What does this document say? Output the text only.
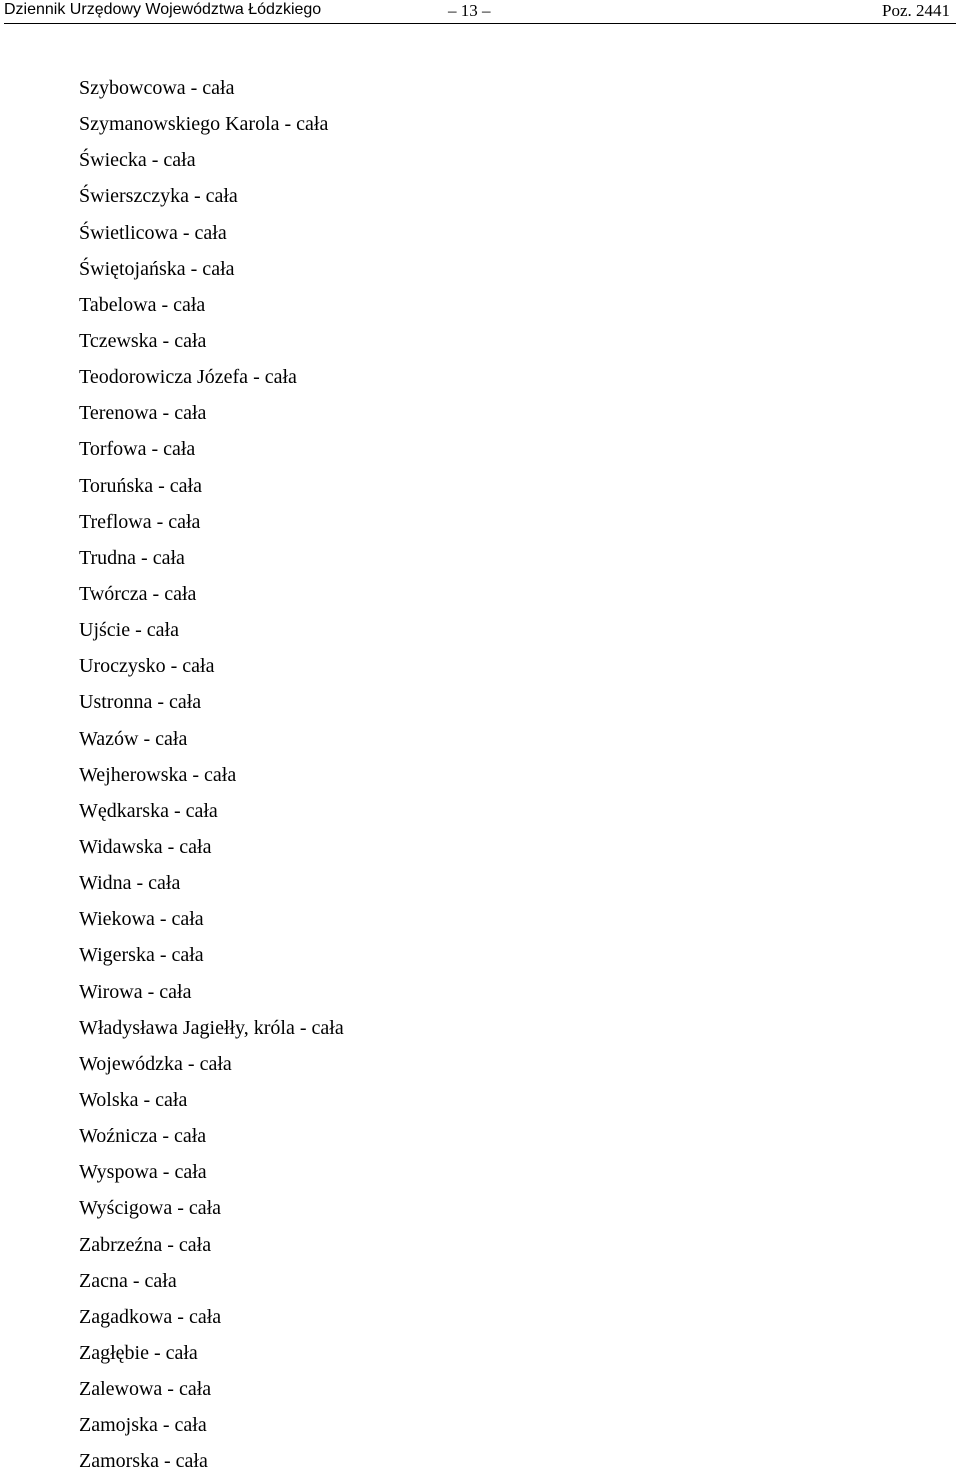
Dziennik Urzędowy Województwa Łódzkiego	– 13 –	Poz. 2441
Szybowcowa - cała
Szymanowskiego Karola - cała
Świecka - cała
Świerszczyka - cała
Świetlicowa - cała
Świętojańska - cała
Tabelowa - cała
Tczewska - cała
Teodorowicza Józefa - cała
Terenowa - cała
Torfowa - cała
Toruńska - cała
Treflowa - cała
Trudna - cała
Twórcza - cała
Ujście - cała
Uroczysko - cała
Ustronna - cała
Wazów - cała
Wejherowska - cała
Wędkarska - cała
Widawska - cała
Widna - cała
Wiekowa - cała
Wigerska - cała
Wirowa - cała
Władysława Jagiełły, króla - cała
Wojewódzka - cała
Wolska - cała
Woźnicza - cała
Wyspowa - cała
Wyścigowa - cała
Zabrzeźna - cała
Zacna - cała
Zagadkowa - cała
Zagłębie - cała
Zalewowa - cała
Zamojska - cała
Zamorska - cała
